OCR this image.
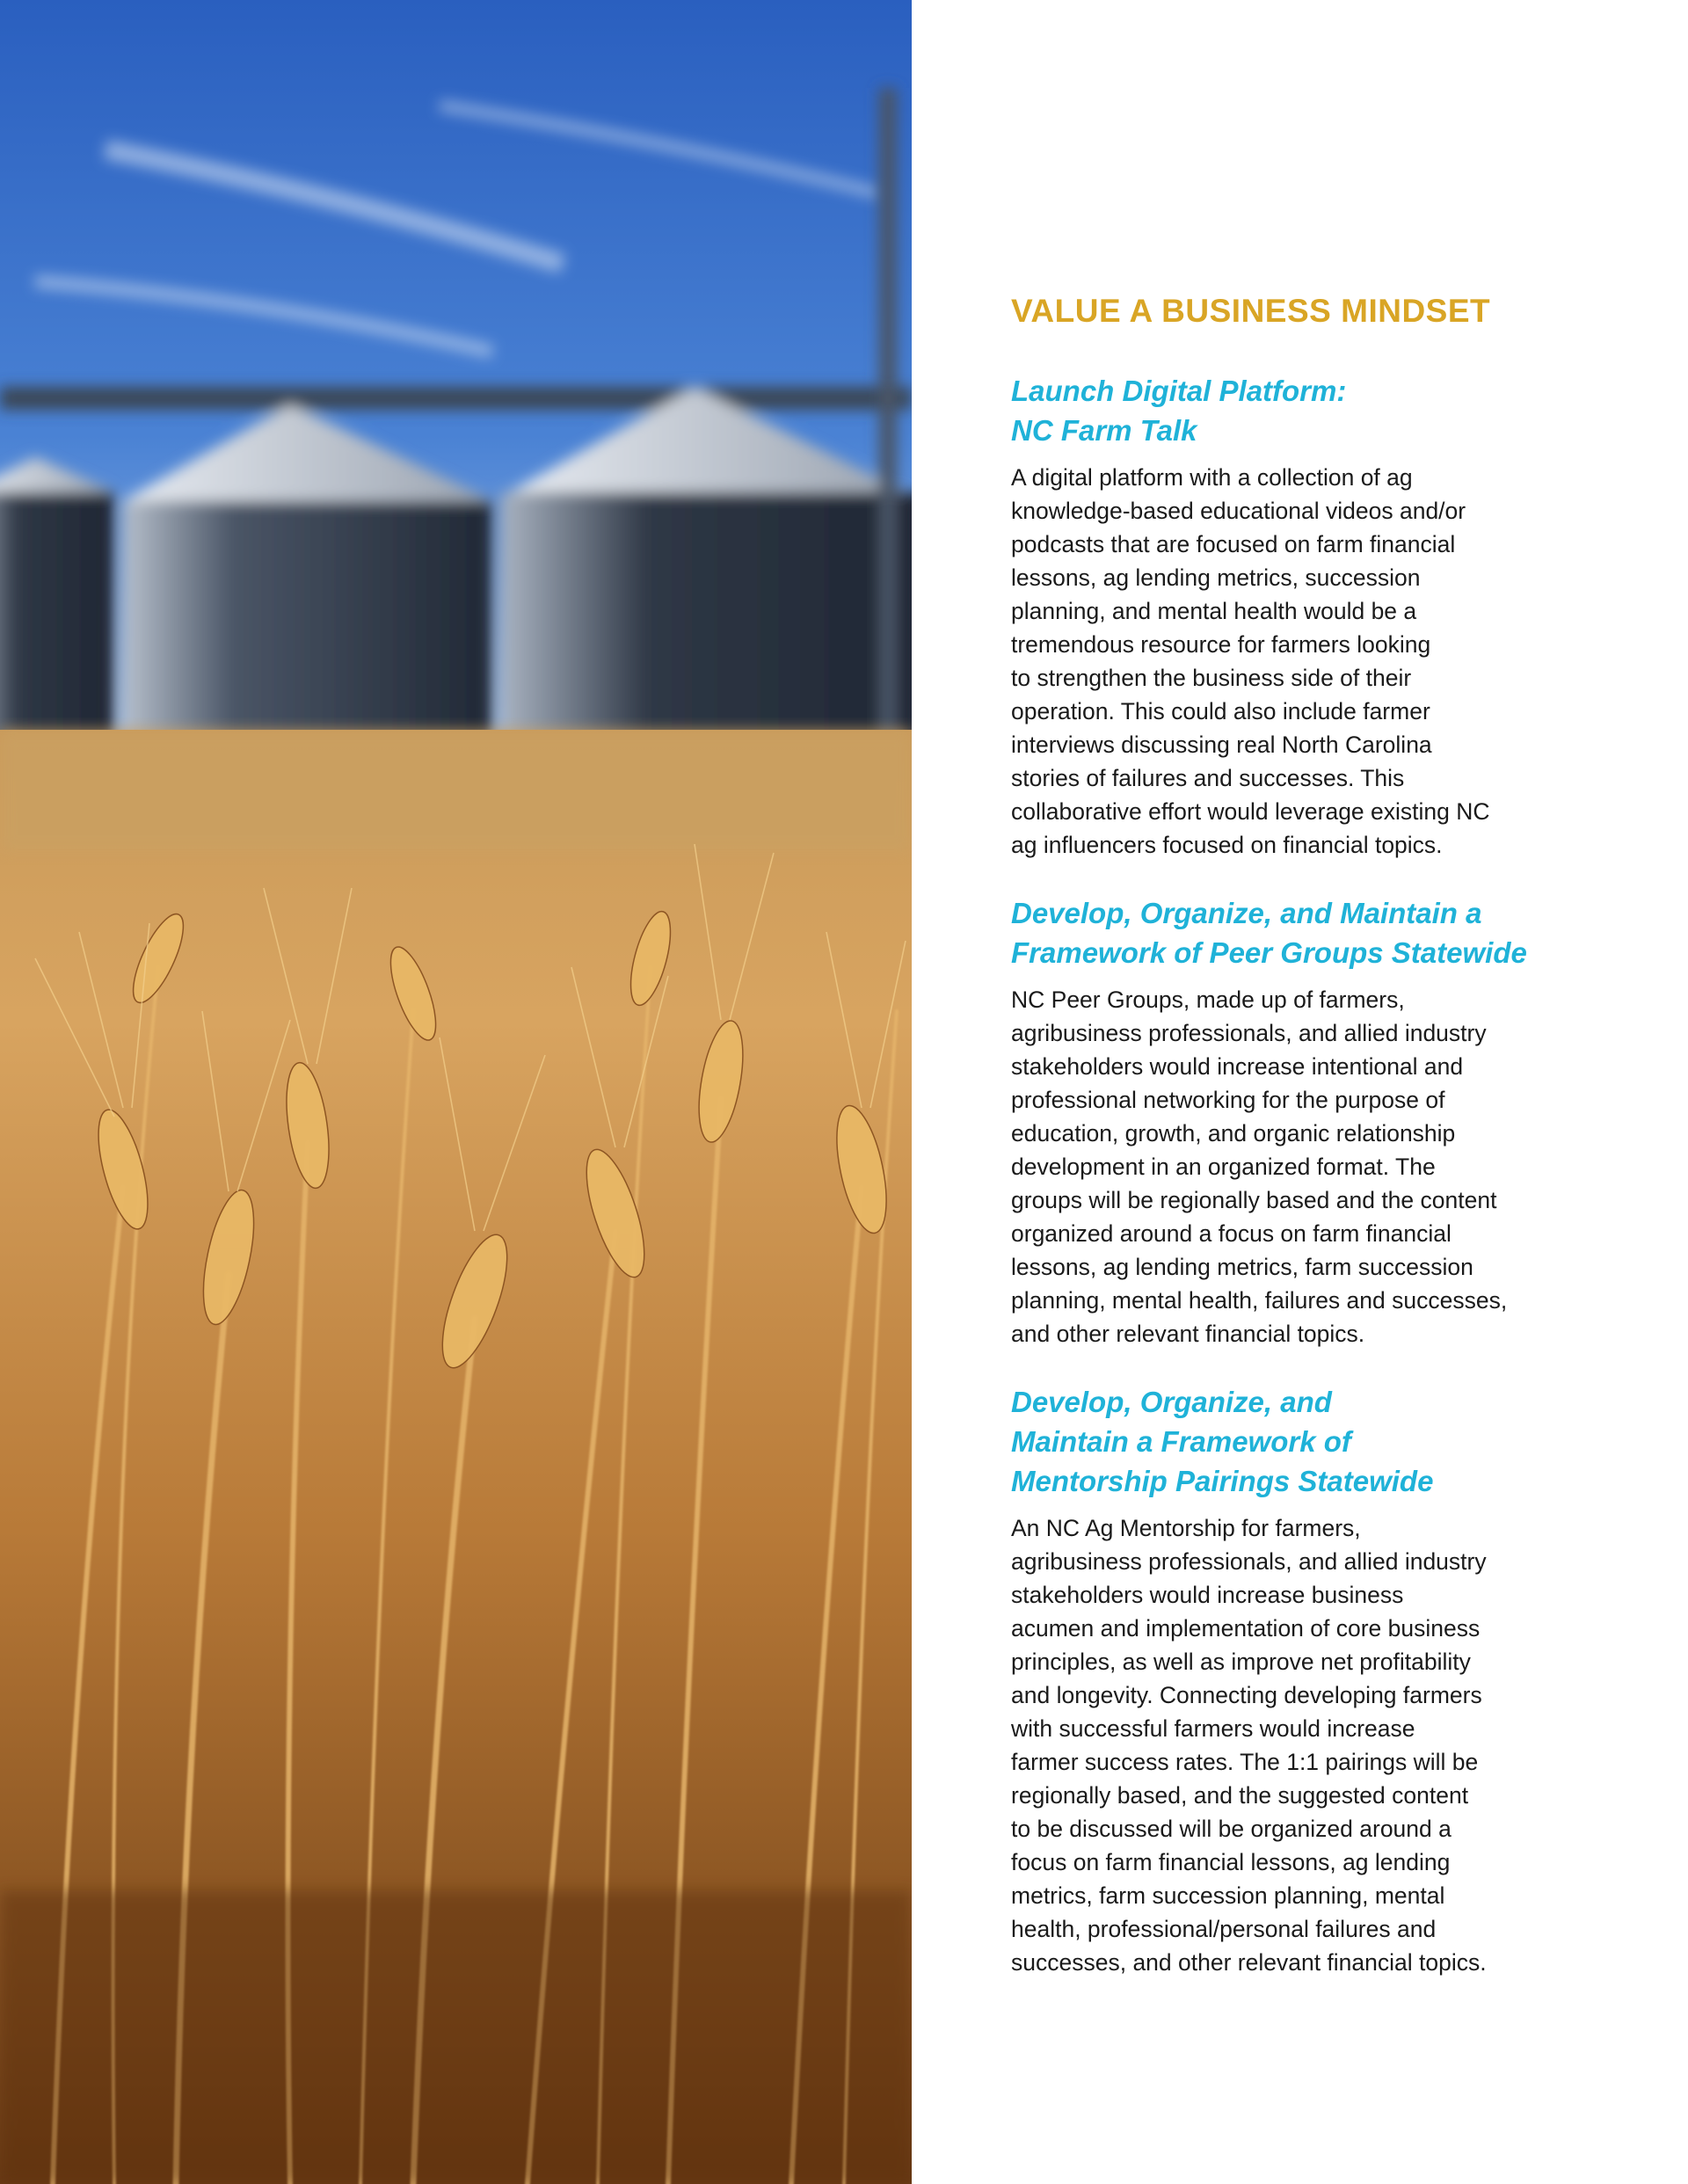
VALUE A BUSINESS MINDSET
Launch Digital Platform:
NC Farm Talk

A digital platform with a collection of ag
knowledge-based educational videos and/or
podcasts that are focused on farm financial
lessons, ag lending metrics, succession
planning, and mental health would be a
tremendous resource for farmers looking
to strengthen the business side of their
operation. This could also include farmer
interviews discussing real North Carolina
stories of failures and successes. This
collaborative effort would leverage existing NC
ag influencers focused on financial topics.

Develop, Organize, and Maintain a
Framework of Peer Groups Statewide

NC Peer Groups, made up of farmers,
agribusiness professionals, and allied industry
stakeholders would increase intentional and
professional networking for the purpose of
education, growth, and organic relationship
development in an organized format. The
groups will be regionally based and the content
organized around a focus on farm financial
lessons, ag lending metrics, farm succession
planning, mental health, failures and successes,
and other relevant financial topics.

Develop, Organize, and
Maintain a Framework of
Mentorship Pairings Statewide

An NC Ag Mentorship for farmers,
agribusiness professionals, and allied industry
stakeholders would increase business
acumen and implementation of core business
principles, as well as improve net profitability
and longevity. Connecting developing farmers
with successful farmers would increase
farmer success rates. The 1:1 pairings will be
regionally based, and the suggested content
to be discussed will be organized around a
focus on farm financial lessons, ag lending
metrics, farm succession planning, mental
health, professional/personal failures and
successes, and other relevant financial topics.
